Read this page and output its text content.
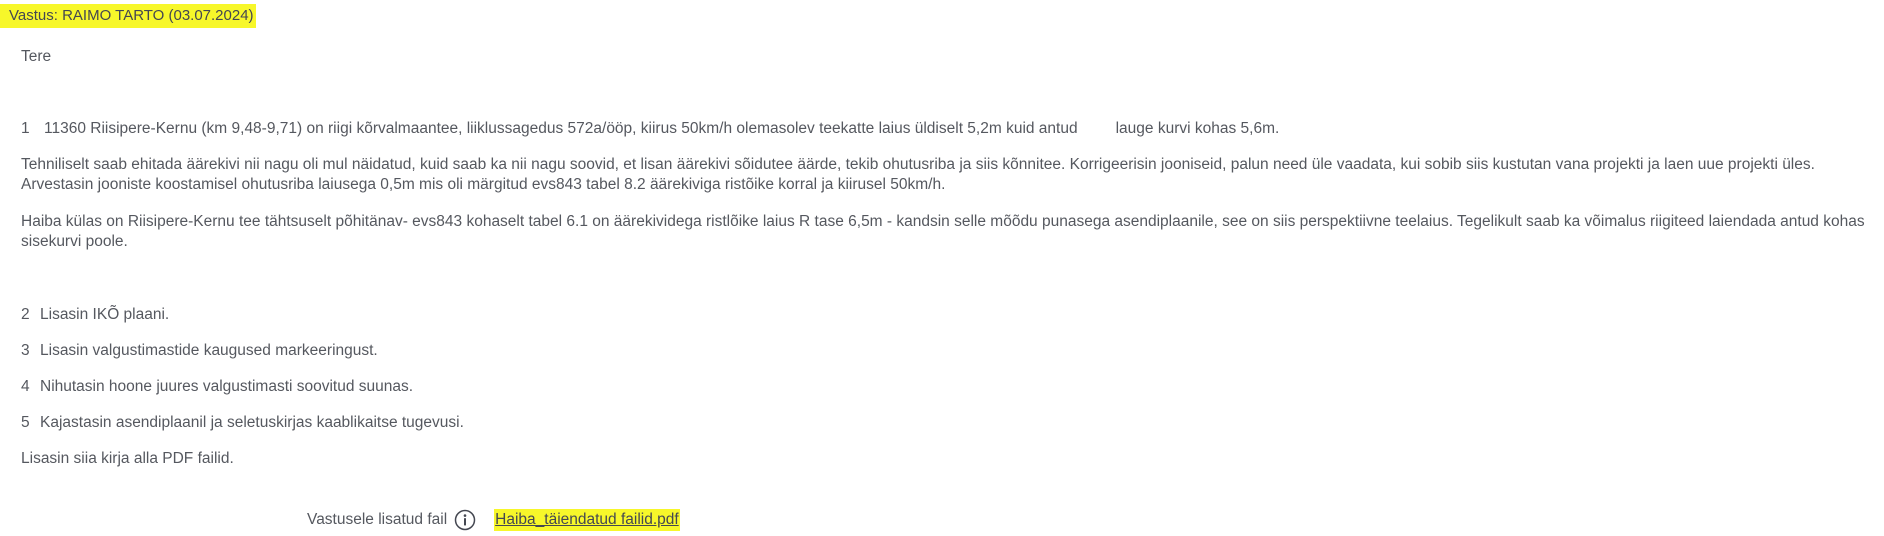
Vastus: RAIMO TARTO (03.07.2024)
Tere
1 11360 Riisipere-Kernu (km 9,48-9,71) on riigi kõrvalmaantee, liiklussagedus 572a/ööp, kiirus 50km/h olemasolev teekatte laius üldiselt 5,2m kuid antud lauge kurvi kohas 5,6m.
Tehniliselt saab ehitada äärekivi nii nagu oli mul näidatud, kuid saab ka nii nagu soovid, et lisan äärekivi sõidutee äärde, tekib ohutusriba ja siis kõnnitee. Korrigeerisin jooniseid, palun need üle vaadata, kui sobib siis kustutan vana projekti ja laen uue projekti üles. Arvestasin jooniste koostamisel ohutusriba laiusega 0,5m mis oli märgitud evs843 tabel 8.2 äärekiviga ristõike korral ja kiirusel 50km/h.
Haiba külas on Riisipere-Kernu tee tähtsuselt põhitänav- evs843 kohaselt tabel 6.1 on äärekividega ristlõike laius R tase 6,5m - kandsin selle mõõdu punasega asendiplaanile, see on siis perspektiivne teelaius. Tegelikult saab ka võimalus riigiteed laiendada antud kohas sisekurvi poole.
2 Lisasin IKÕ plaani.
3 Lisasin valgustimastide kaugused markeeringust.
4 Nihutasin hoone juures valgustimasti soovitud suunas.
5 Kajastasin asendiplaanil ja seletuskirjas kaablikaitse tugevusi.
Lisasin siia kirja alla PDF failid.
Vastusele lisatud fail	Haiba_täiendatud failid.pdf
